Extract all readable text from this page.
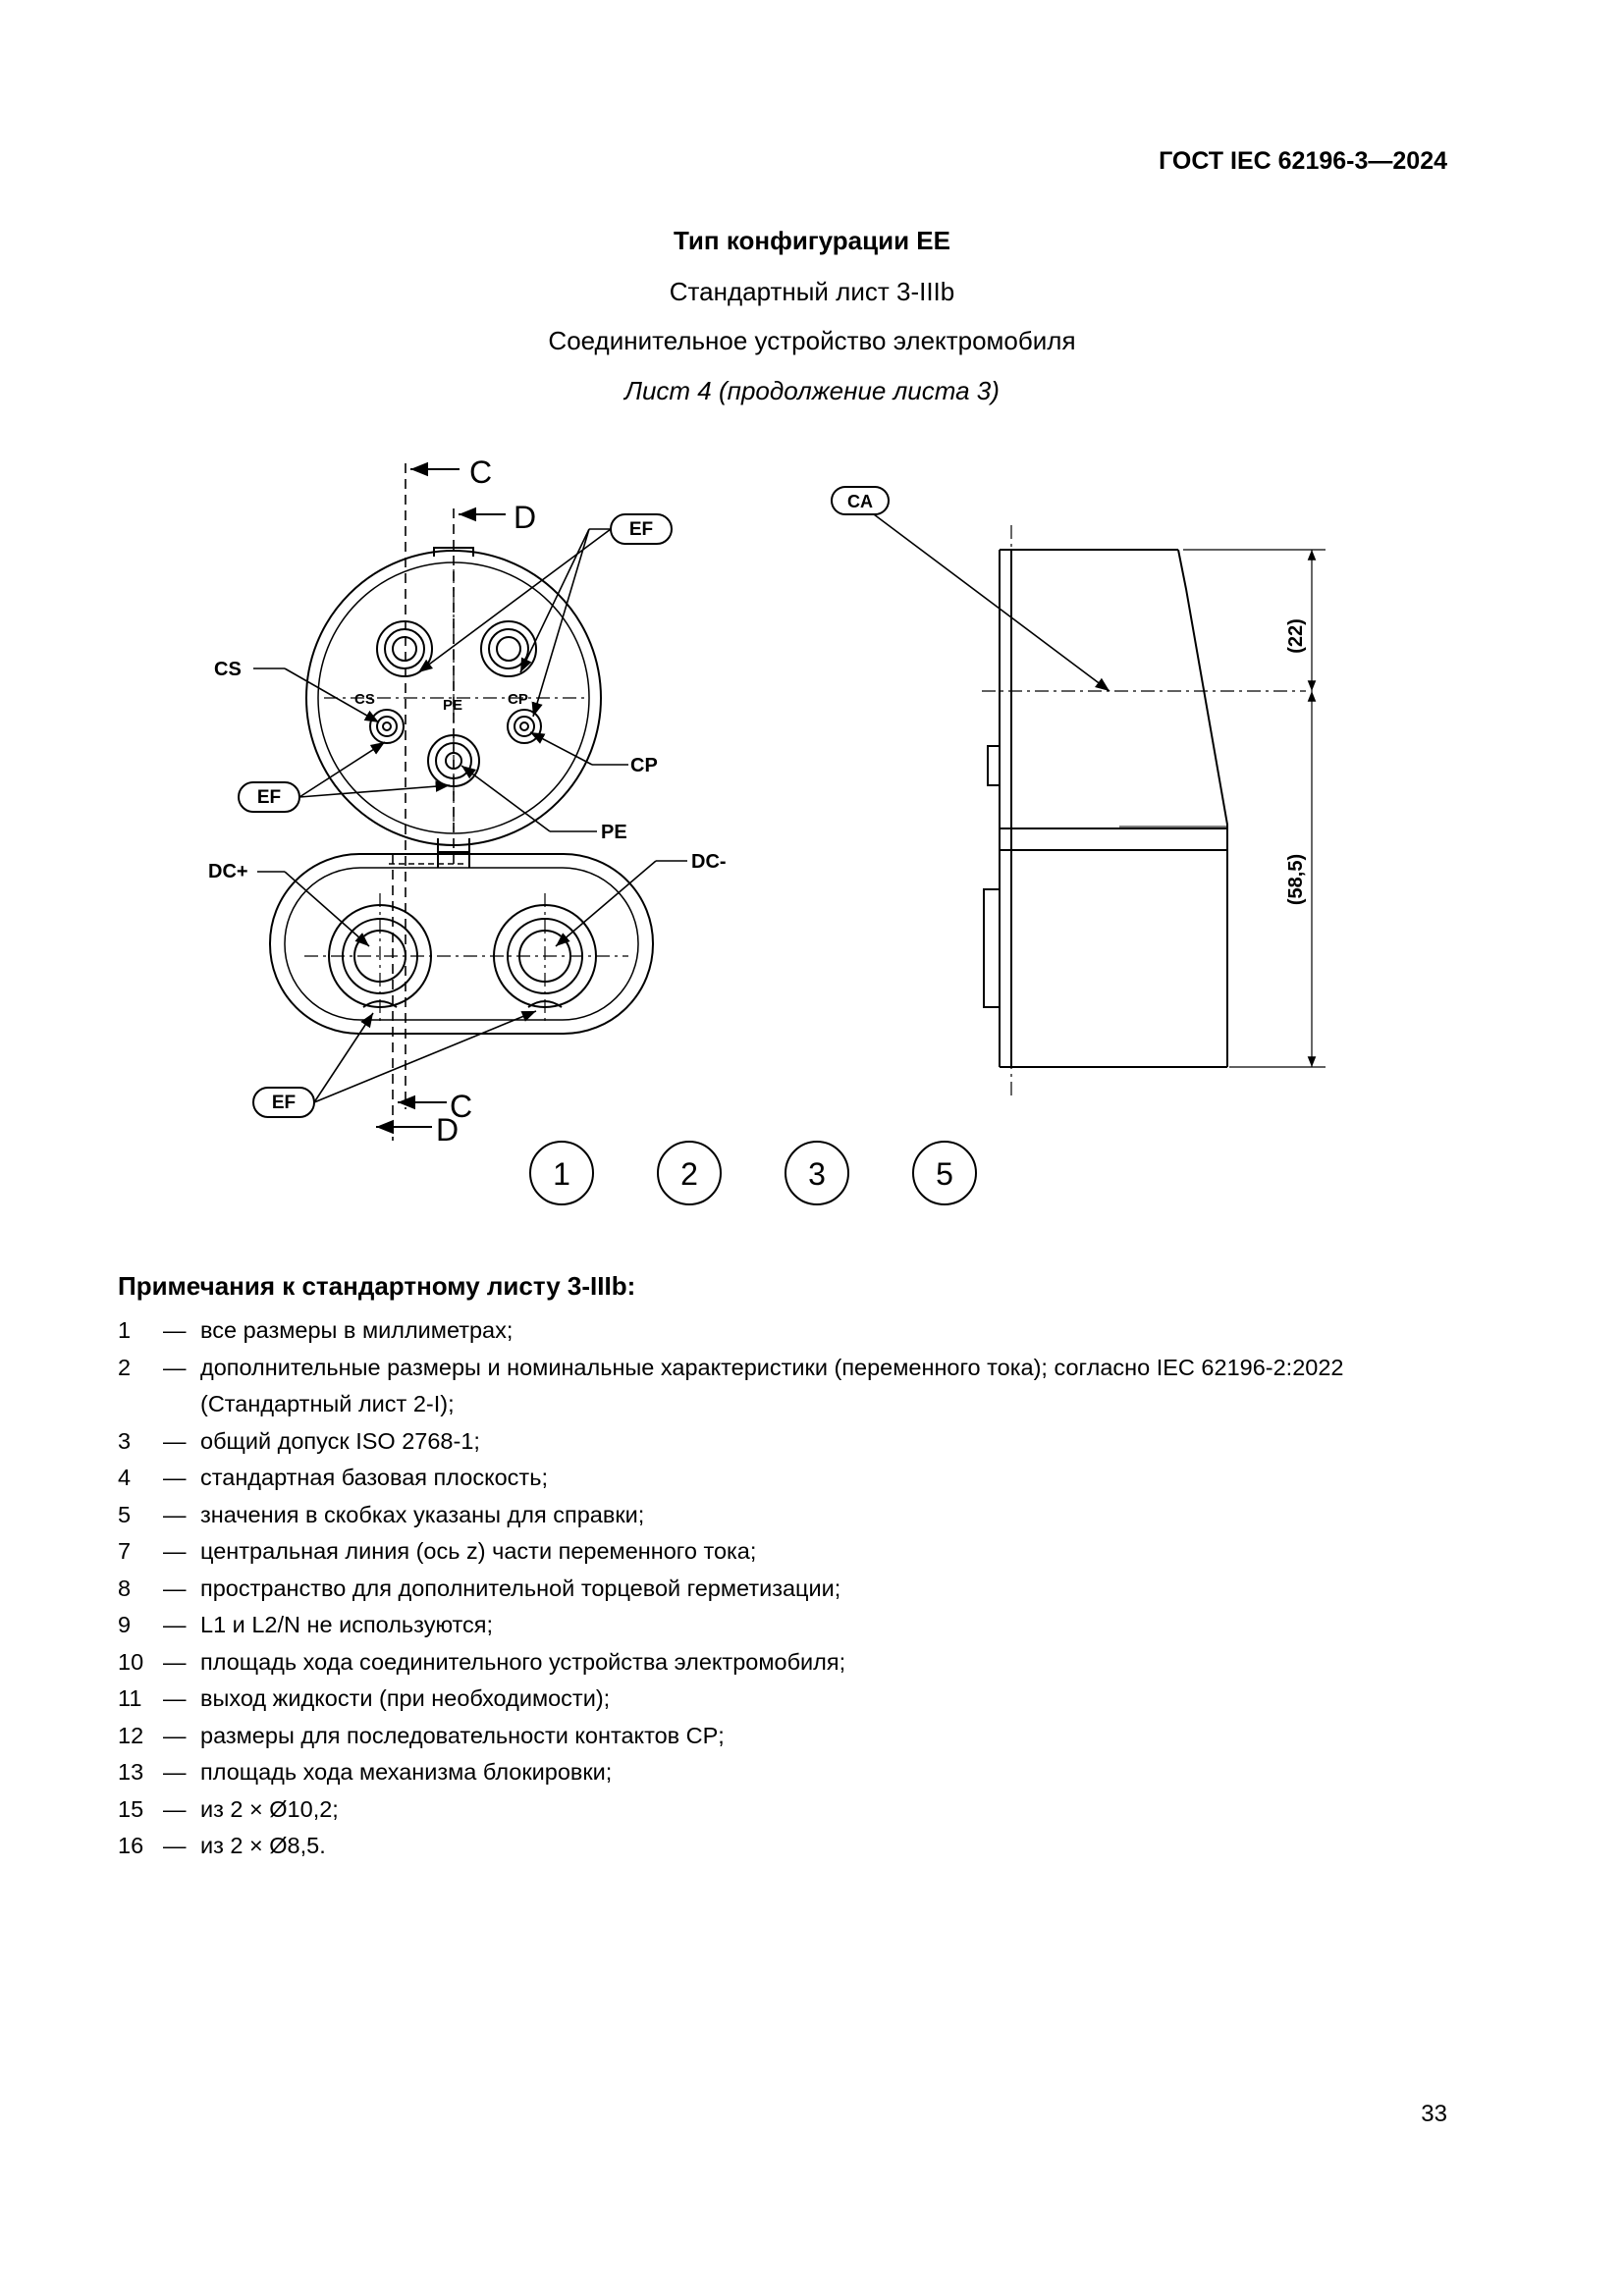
ГОСТ IEC 62196-3—2024
Тип конфигурации ЕЕ
Стандартный лист 3-IIIb
Соединительное устройство электромобиля
Лист 4 (продолжение листа 3)
C
D
C
D
EF
EF
EF
CS
CP
PE
CS	CP
PE
DC+	DC-
CA
(22)
(58,5)
1	2	3	5
Примечания к стандартному листу 3-IIIb:
1	— все размеры в миллиметрах;
2	— дополнительные размеры и номинальные характеристики (переменного тока); согласно IEC 62196-2:2022 (Стандартный лист 2-I);
3	— общий допуск ISO 2768-1;
4	— стандартная базовая плоскость;
5	— значения в скобках указаны для справки;
7	— центральная линия (ось z) части переменного тока;
8	— пространство для дополнительной торцевой герметизации;
9	— L1 и L2/N не используются;
10 — площадь хода соединительного устройства электромобиля;
11 — выход жидкости (при необходимости);
12 — размеры для последовательности контактов CP;
13 — площадь хода механизма блокировки;
15 — из 2 × Ø10,2;
16 — из 2 × Ø8,5.
33
